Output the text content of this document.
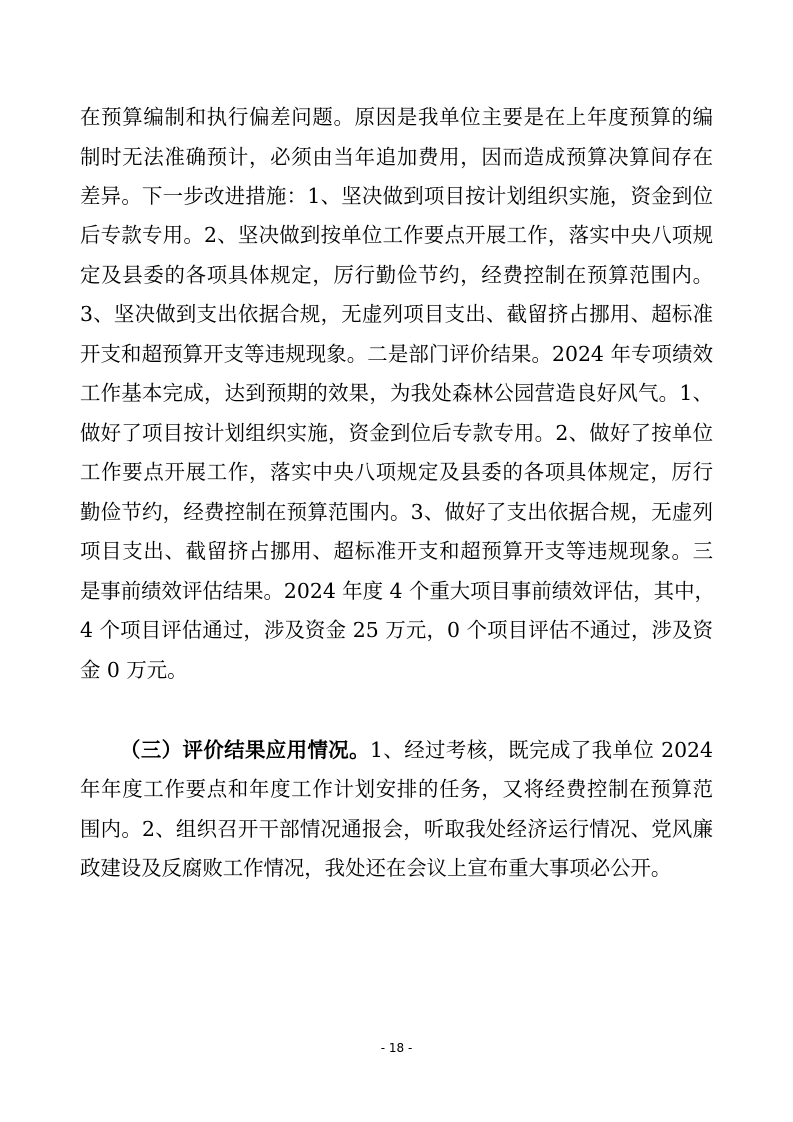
在预算编制和执行偏差问题。原因是我单位主要是在上年度预算的编

制时无法准确预计，必须由当年追加费用，因而造成预算决算间存在

差异。下一步改进措施：1、坚决做到项目按计划组织实施，资金到位

后专款专用。2、坚决做到按单位工作要点开展工作，落实中央八项规

定及县委的各项具体规定，厉行勤俭节约，经费控制在预算范围内。

3、坚决做到支出依据合规，无虚列项目支出、截留挤占挪用、超标准

开支和超预算开支等违规现象。二是部门评价结果。2024 年专项绩效

工作基本完成，达到预期的效果，为我处森林公园营造良好风气。1、

做好了项目按计划组织实施，资金到位后专款专用。2、做好了按单位

工作要点开展工作，落实中央八项规定及县委的各项具体规定，厉行

勤俭节约，经费控制在预算范围内。3、做好了支出依据合规，无虚列

项目支出、截留挤占挪用、超标准开支和超预算开支等违规现象。三

是事前绩效评估结果。2024 年度 4 个重大项目事前绩效评估，其中，

4 个项目评估通过，涉及资金 25 万元，0 个项目评估不通过，涉及资

金 0 万元。

（三）评价结果应用情况。1、经过考核，既完成了我单位 2024

年年度工作要点和年度工作计划安排的任务，又将经费控制在预算范

围内。2、组织召开干部情况通报会，听取我处经济运行情况、党风廉

政建设及反腐败工作情况，我处还在会议上宣布重大事项必公开。

- 18 -
